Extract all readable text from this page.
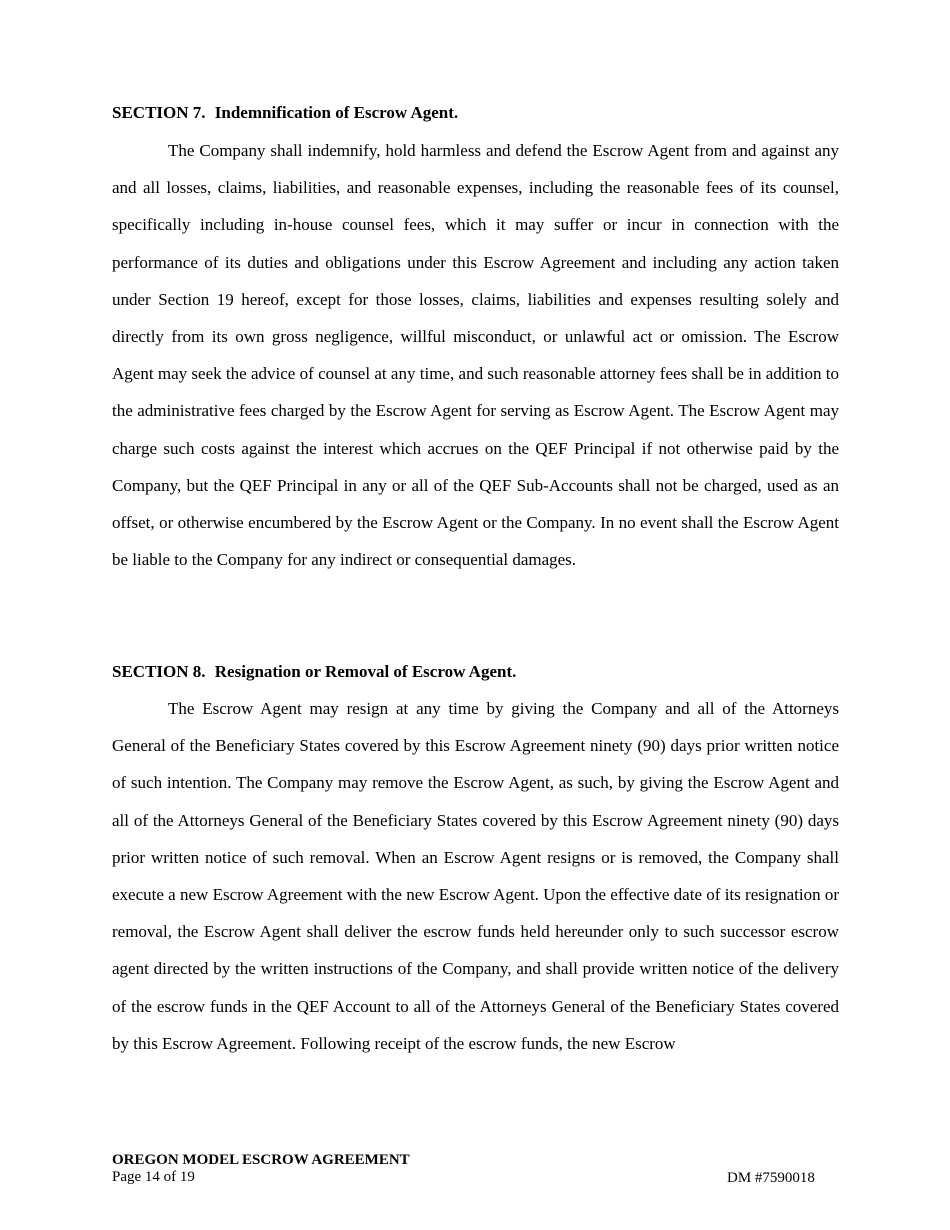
SECTION 7. Indemnification of Escrow Agent.

The Company shall indemnify, hold harmless and defend the Escrow Agent from and against any and all losses, claims, liabilities, and reasonable expenses, including the reasonable fees of its counsel, specifically including in-house counsel fees, which it may suffer or incur in connection with the performance of its duties and obligations under this Escrow Agreement and including any action taken under Section 19 hereof, except for those losses, claims, liabilities and expenses resulting solely and directly from its own gross negligence, willful misconduct, or unlawful act or omission. The Escrow Agent may seek the advice of counsel at any time, and such reasonable attorney fees shall be in addition to the administrative fees charged by the Escrow Agent for serving as Escrow Agent. The Escrow Agent may charge such costs against the interest which accrues on the QEF Principal if not otherwise paid by the Company, but the QEF Principal in any or all of the QEF Sub-Accounts shall not be charged, used as an offset, or otherwise encumbered by the Escrow Agent or the Company. In no event shall the Escrow Agent be liable to the Company for any indirect or consequential damages.

SECTION 8. Resignation or Removal of Escrow Agent.

The Escrow Agent may resign at any time by giving the Company and all of the Attorneys General of the Beneficiary States covered by this Escrow Agreement ninety (90) days prior written notice of such intention. The Company may remove the Escrow Agent, as such, by giving the Escrow Agent and all of the Attorneys General of the Beneficiary States covered by this Escrow Agreement ninety (90) days prior written notice of such removal. When an Escrow Agent resigns or is removed, the Company shall execute a new Escrow Agreement with the new Escrow Agent. Upon the effective date of its resignation or removal, the Escrow Agent shall deliver the escrow funds held hereunder only to such successor escrow agent directed by the written instructions of the Company, and shall provide written notice of the delivery of the escrow funds in the QEF Account to all of the Attorneys General of the Beneficiary States covered by this Escrow Agreement. Following receipt of the escrow funds, the new Escrow

OREGON MODEL ESCROW AGREEMENT
Page 14 of 19	DM #7590018
